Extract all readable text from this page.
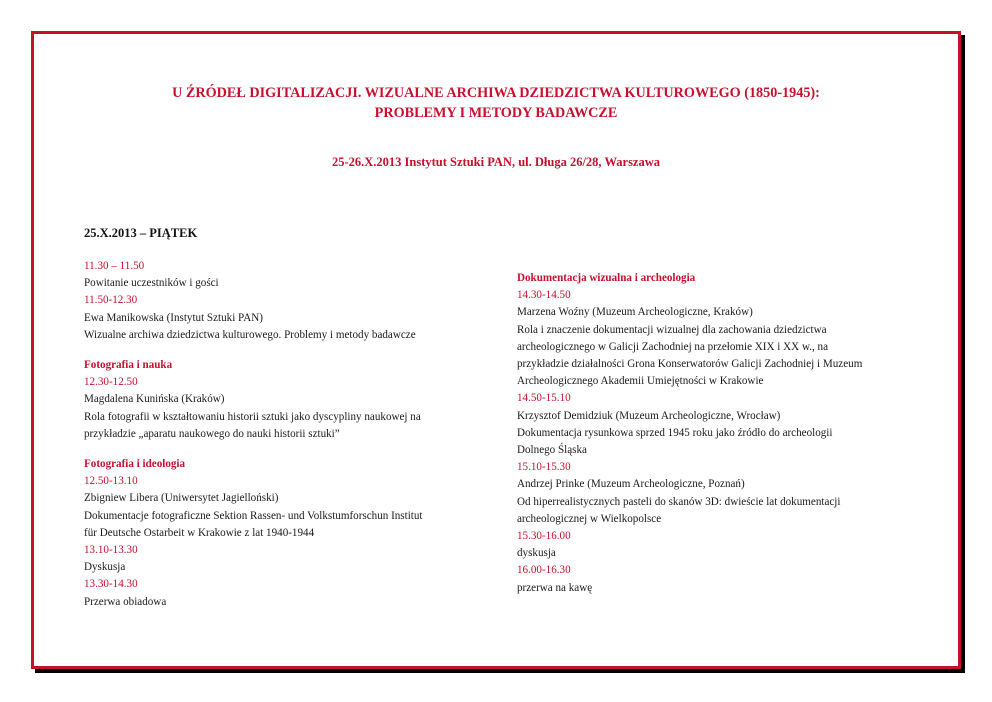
U ŹRÓDEŁ DIGITALIZACJI. WIZUALNE ARCHIWA DZIEDZICTWA KULTUROWEGO (1850-1945):
PROBLEMY I METODY BADAWCZE
25-26.X.2013 Instytut Sztuki PAN, ul. Długa 26/28, Warszawa
25.X.2013 – PIĄTEK
11.30 – 11.50
Powitanie uczestników i gości
11.50-12.30
Ewa Manikowska (Instytut Sztuki PAN)
Wizualne archiwa dziedzictwa kulturowego. Problemy i metody badawcze
Fotografia i nauka
12.30-12.50
Magdalena Kunińska (Kraków)
Rola fotografii w kształtowaniu historii sztuki jako dyscypliny naukowej na
przykładzie „aparatu naukowego do nauki historii sztuki”
Fotografia i ideologia
12.50-13.10
Zbigniew Libera (Uniwersytet Jagielloński)
Dokumentacje fotograficzne Sektion Rassen- und Volkstumforschun Institut
für Deutsche Ostarbeit w Krakowie z lat 1940-1944
13.10-13.30
Dyskusja
13.30-14.30
Przerwa obiadowa
Dokumentacja wizualna i archeologia
14.30-14.50
Marzena Woźny (Muzeum Archeologiczne, Kraków)
Rola i znaczenie dokumentacji wizualnej dla zachowania dziedzictwa
archeologicznego w Galicji Zachodniej na przełomie XIX i XX w., na
przykładzie działalności Grona Konserwatorów Galicji Zachodniej i Muzeum
Archeologicznego Akademii Umiejętności w Krakowie
14.50-15.10
Krzysztof Demidziuk (Muzeum Archeologiczne, Wrocław)
Dokumentacja rysunkowa sprzed 1945 roku jako źródło do archeologii
Dolnego Śląska
15.10-15.30
Andrzej Prinke (Muzeum Archeologiczne, Poznań)
Od hiperrealistycznych pasteli do skanów 3D: dwieście lat dokumentacji
archeologicznej w Wielkopolsce
15.30-16.00
dyskusja
16.00-16.30
przerwa na kawę
